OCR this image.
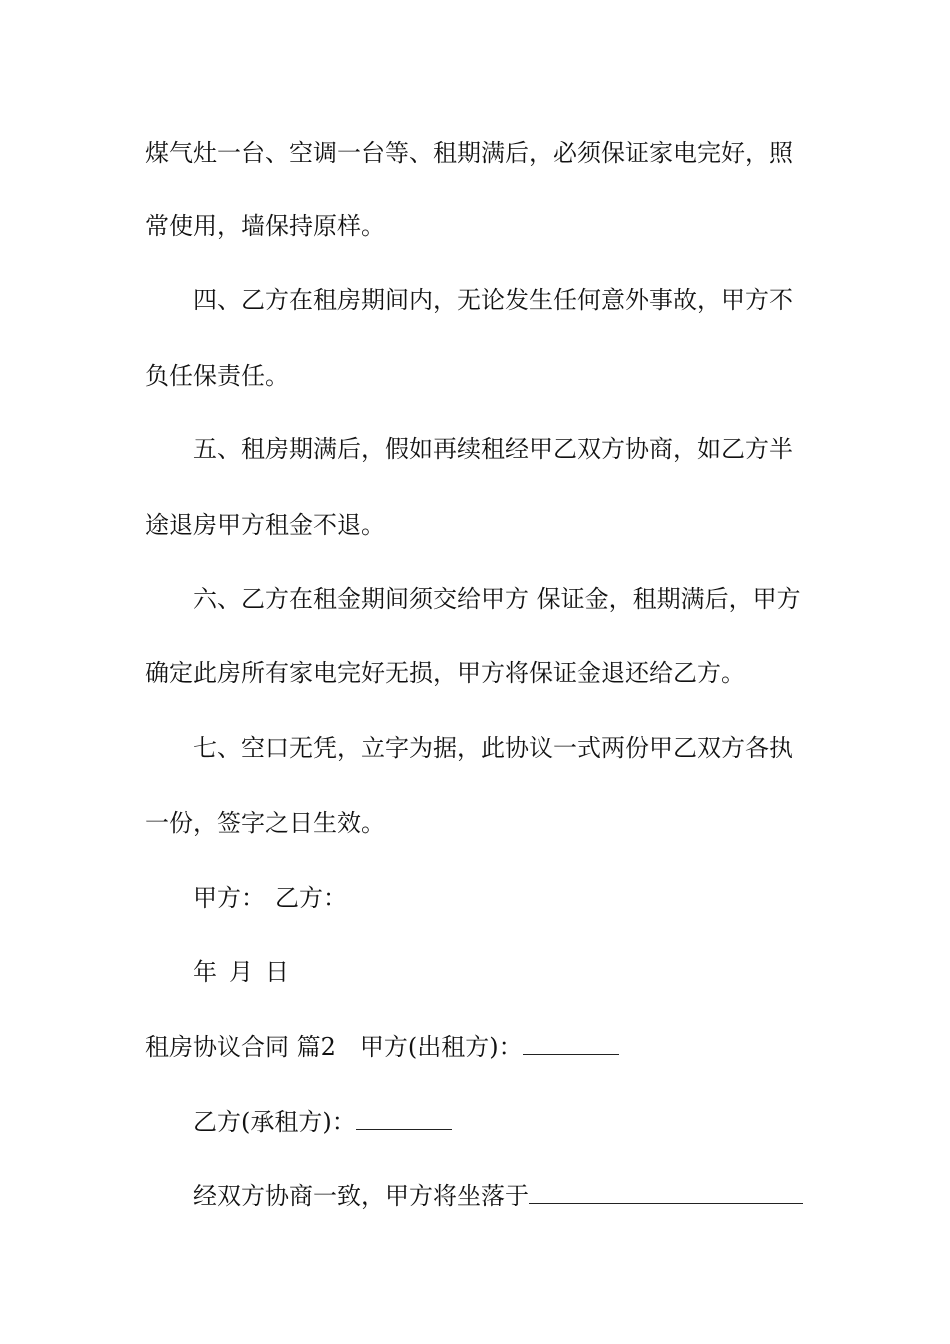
煤气灶一台、空调一台等、租期满后，必须保证家电完好，照
常使用，墙保持原样。
四、乙方在租房期间内，无论发生任何意外事故，甲方不
负任保责任。
五、租房期满后，假如再续租经甲乙双方协商，如乙方半
途退房甲方租金不退。
六、乙方在租金期间须交给甲方 保证金，租期满后，甲方
确定此房所有家电完好无损，甲方将保证金退还给乙方。
七、空口无凭，立字为据，此协议一式两份甲乙双方各执
一份，签字之日生效。
甲方： 乙方：
年 月 日
租房协议合同 篇2 甲方(出租方)：
乙方(承租方)：
经双方协商一致，甲方将坐落于
